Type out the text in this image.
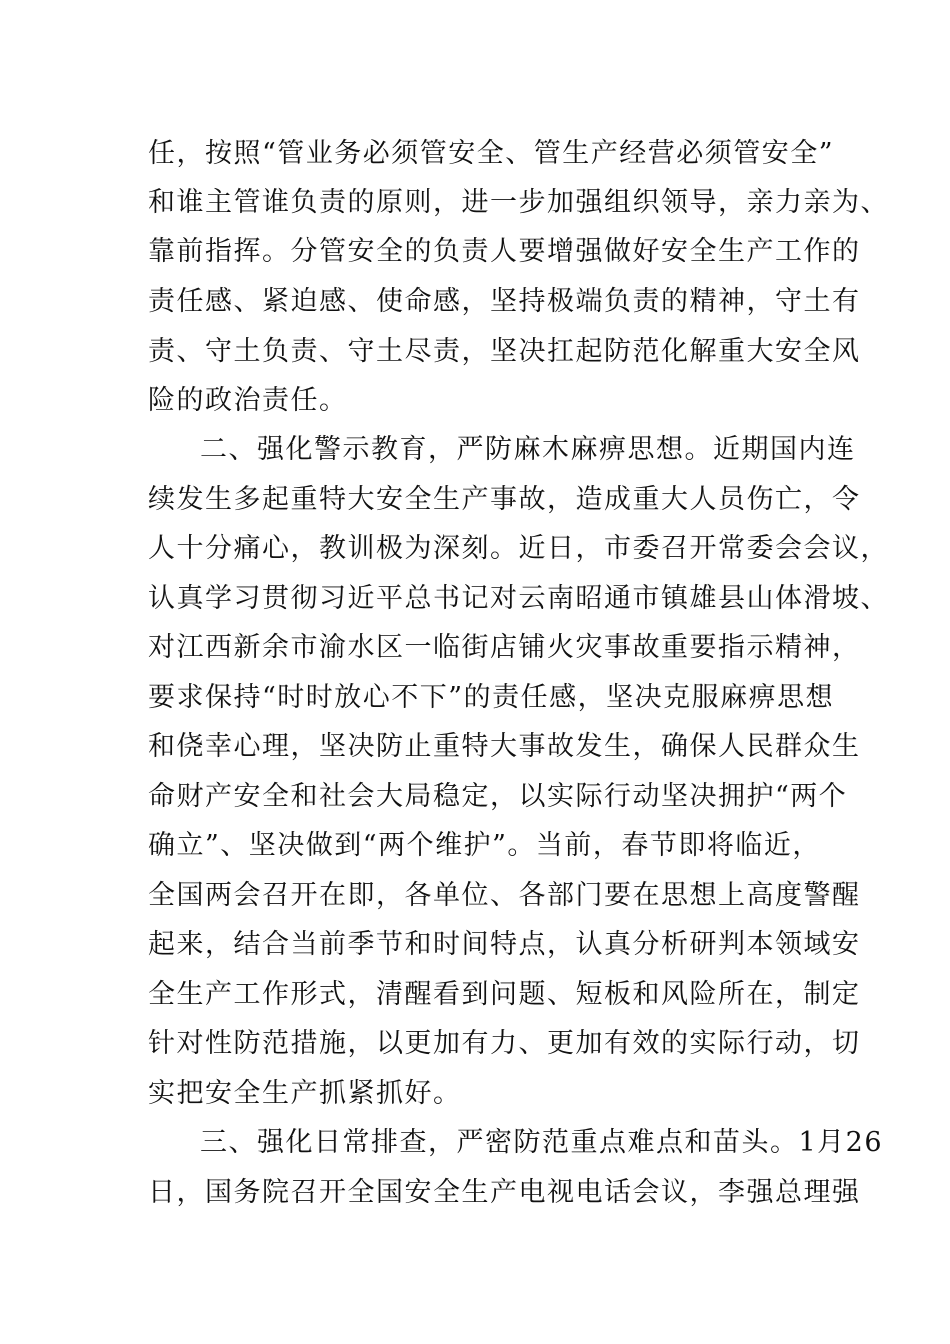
任，按照“管业务必须管安全、管生产经营必须管安全”
和谁主管谁负责的原则，进一步加强组织领导，亲力亲为、
靠前指挥。分管安全的负责人要增强做好安全生产工作的
责任感、紧迫感、使命感，坚持极端负责的精神，守土有
责、守土负责、守土尽责，坚决扛起防范化解重大安全风
险的政治责任。
二、强化警示教育，严防麻木麻痹思想。近期国内连
续发生多起重特大安全生产事故，造成重大人员伤亡，令
人十分痛心，教训极为深刻。近日，市委召开常委会会议，
认真学习贯彻习近平总书记对云南昭通市镇雄县山体滑坡、
对江西新余市渝水区一临街店铺火灾事故重要指示精神，
要求保持“时时放心不下”的责任感，坚决克服麻痹思想
和侥幸心理，坚决防止重特大事故发生，确保人民群众生
命财产安全和社会大局稳定，以实际行动坚决拥护“两个
确立”、坚决做到“两个维护”。当前，春节即将临近，
全国两会召开在即，各单位、各部门要在思想上高度警醒
起来，结合当前季节和时间特点，认真分析研判本领域安
全生产工作形式，清醒看到问题、短板和风险所在，制定
针对性防范措施，以更加有力、更加有效的实际行动，切
实把安全生产抓紧抓好。
三、强化日常排查，严密防范重点难点和苗头。1月26
日，国务院召开全国安全生产电视电话会议，李强总理强
